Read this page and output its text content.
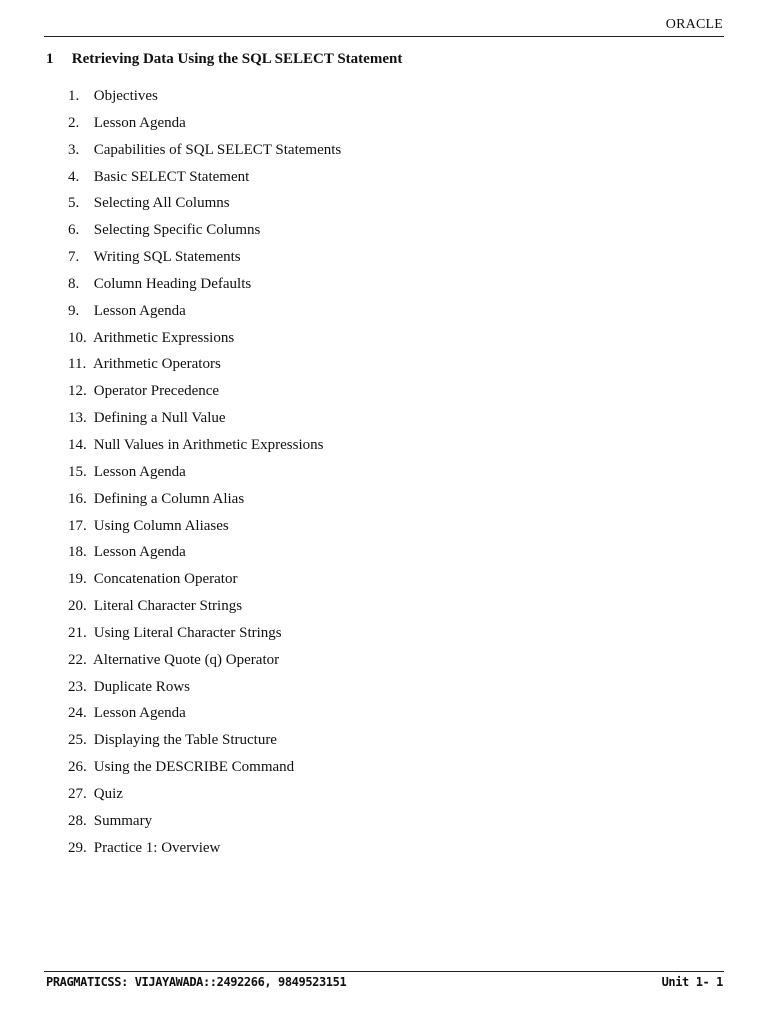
ORACLE
1 Retrieving Data Using the SQL SELECT Statement
1. Objectives
2. Lesson Agenda
3. Capabilities of SQL SELECT Statements
4. Basic SELECT Statement
5. Selecting All Columns
6. Selecting Specific Columns
7. Writing SQL Statements
8. Column Heading Defaults
9. Lesson Agenda
10. Arithmetic Expressions
11. Arithmetic Operators
12. Operator Precedence
13. Defining a Null Value
14. Null Values in Arithmetic Expressions
15. Lesson Agenda
16. Defining a Column Alias
17. Using Column Aliases
18. Lesson Agenda
19. Concatenation Operator
20. Literal Character Strings
21. Using Literal Character Strings
22. Alternative Quote (q) Operator
23. Duplicate Rows
24. Lesson Agenda
25. Displaying the Table Structure
26. Using the DESCRIBE Command
27. Quiz
28. Summary
29. Practice 1: Overview
PRAGMATICSS: VIJAYAWADA::2492266, 9849523151	Unit 1- 1
